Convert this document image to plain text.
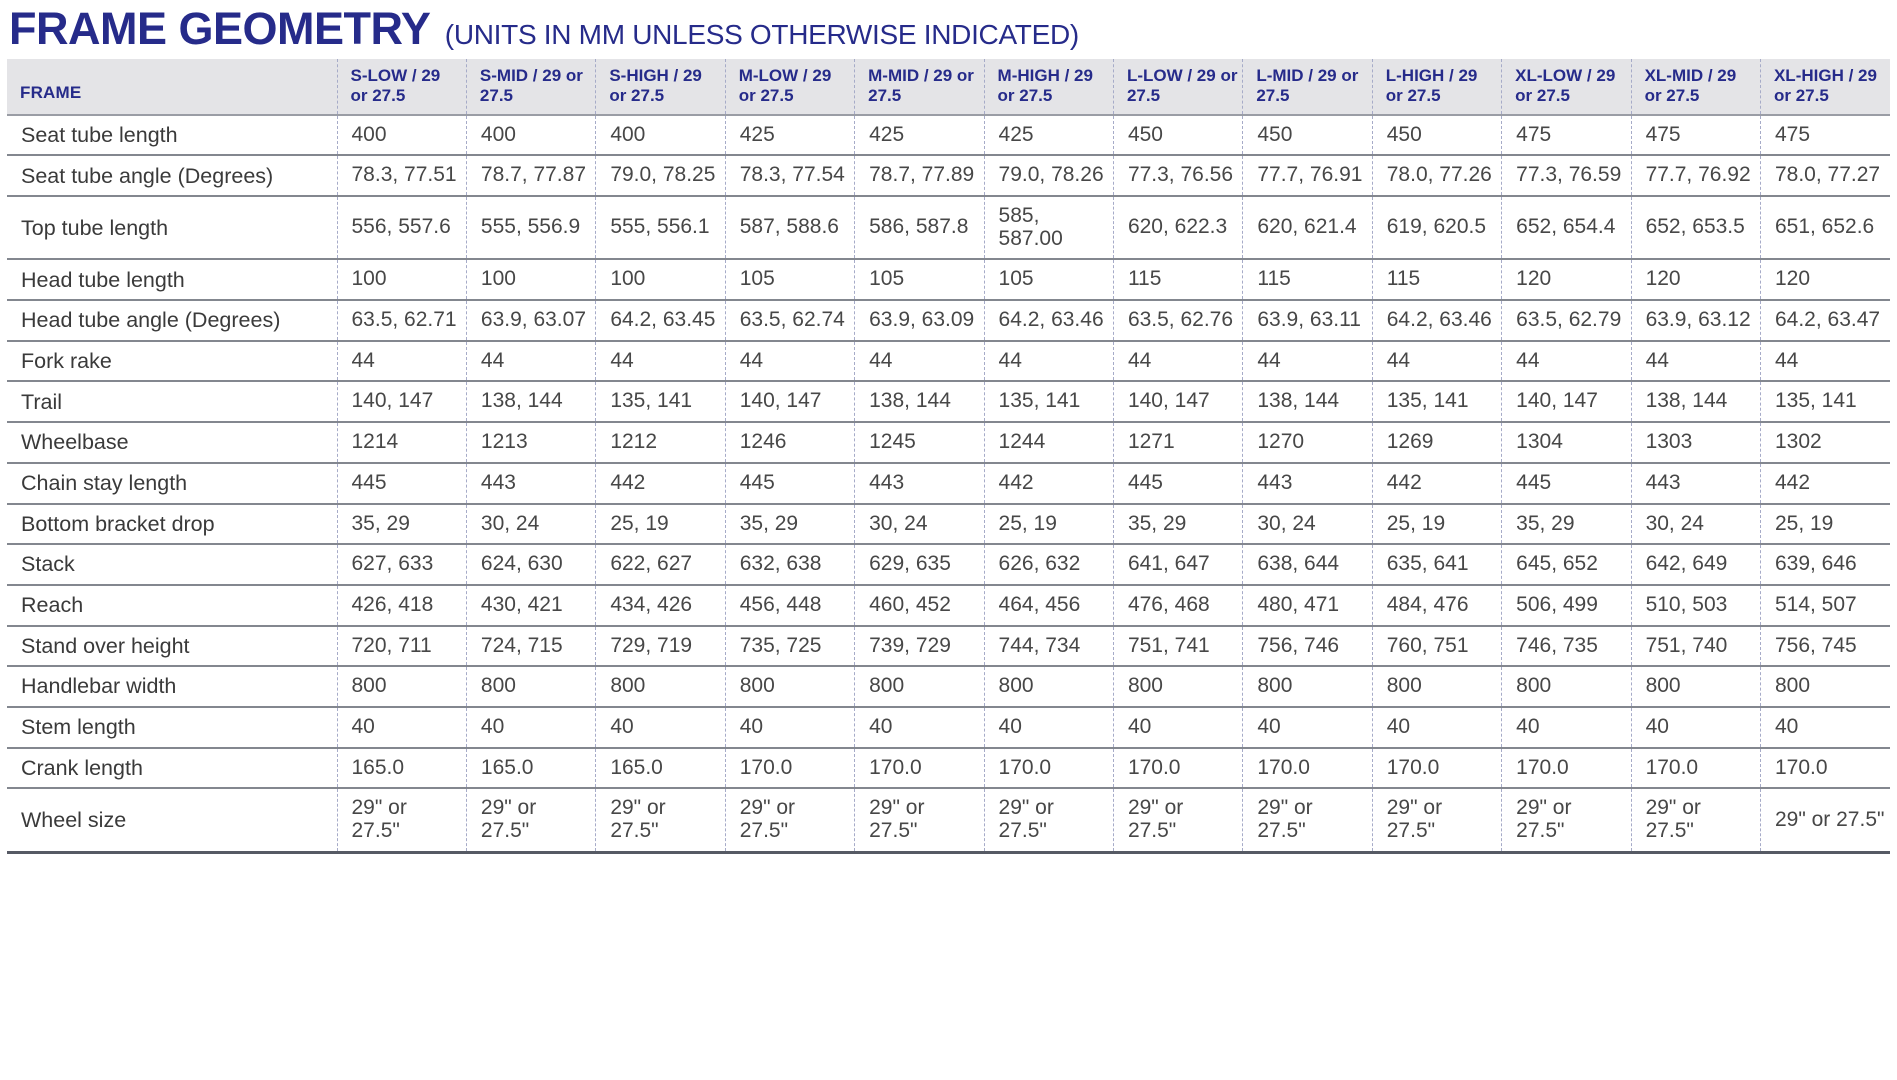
FRAME GEOMETRY (UNITS IN MM UNLESS OTHERWISE INDICATED)
FRAME	S-LOW / 29 or 27.5	S-MID / 29 or 27.5	S-HIGH / 29 or 27.5	M-LOW / 29 or 27.5	M-MID / 29 or 27.5	M-HIGH / 29 or 27.5	L-LOW / 29 or 27.5	L-MID / 29 or 27.5	L-HIGH / 29 or 27.5	XL-LOW / 29 or 27.5	XL-MID / 29 or 27.5	XL-HIGH / 29 or 27.5
Seat tube length	400	400	400	425	425	425	450	450	450	475	475	475
Seat tube angle (Degrees)	78.3, 77.51	78.7, 77.87	79.0, 78.25	78.3, 77.54	78.7, 77.89	79.0, 78.26	77.3, 76.56	77.7, 76.91	78.0, 77.26	77.3, 76.59	77.7, 76.92	78.0, 77.27
Top tube length	556, 557.6	555, 556.9	555, 556.1	587, 588.6	586, 587.8	585, 587.00	620, 622.3	620, 621.4	619, 620.5	652, 654.4	652, 653.5	651, 652.6
Head tube length	100	100	100	105	105	105	115	115	115	120	120	120
Head tube angle (Degrees)	63.5, 62.71	63.9, 63.07	64.2, 63.45	63.5, 62.74	63.9, 63.09	64.2, 63.46	63.5, 62.76	63.9, 63.11	64.2, 63.46	63.5, 62.79	63.9, 63.12	64.2, 63.47
Fork rake	44	44	44	44	44	44	44	44	44	44	44	44
Trail	140, 147	138, 144	135, 141	140, 147	138, 144	135, 141	140, 147	138, 144	135, 141	140, 147	138, 144	135, 141
Wheelbase	1214	1213	1212	1246	1245	1244	1271	1270	1269	1304	1303	1302
Chain stay length	445	443	442	445	443	442	445	443	442	445	443	442
Bottom bracket drop	35, 29	30, 24	25, 19	35, 29	30, 24	25, 19	35, 29	30, 24	25, 19	35, 29	30, 24	25, 19
Stack	627, 633	624, 630	622, 627	632, 638	629, 635	626, 632	641, 647	638, 644	635, 641	645, 652	642, 649	639, 646
Reach	426, 418	430, 421	434, 426	456, 448	460, 452	464, 456	476, 468	480, 471	484, 476	506, 499	510, 503	514, 507
Stand over height	720, 711	724, 715	729, 719	735, 725	739, 729	744, 734	751, 741	756, 746	760, 751	746, 735	751, 740	756, 745
Handlebar width	800	800	800	800	800	800	800	800	800	800	800	800
Stem length	40	40	40	40	40	40	40	40	40	40	40	40
Crank length	165.0	165.0	165.0	170.0	170.0	170.0	170.0	170.0	170.0	170.0	170.0	170.0
Wheel size	29" or 27.5"	29" or 27.5"	29" or 27.5"	29" or 27.5"	29" or 27.5"	29" or 27.5"	29" or 27.5"	29" or 27.5"	29" or 27.5"	29" or 27.5"	29" or 27.5"	29" or 27.5"
